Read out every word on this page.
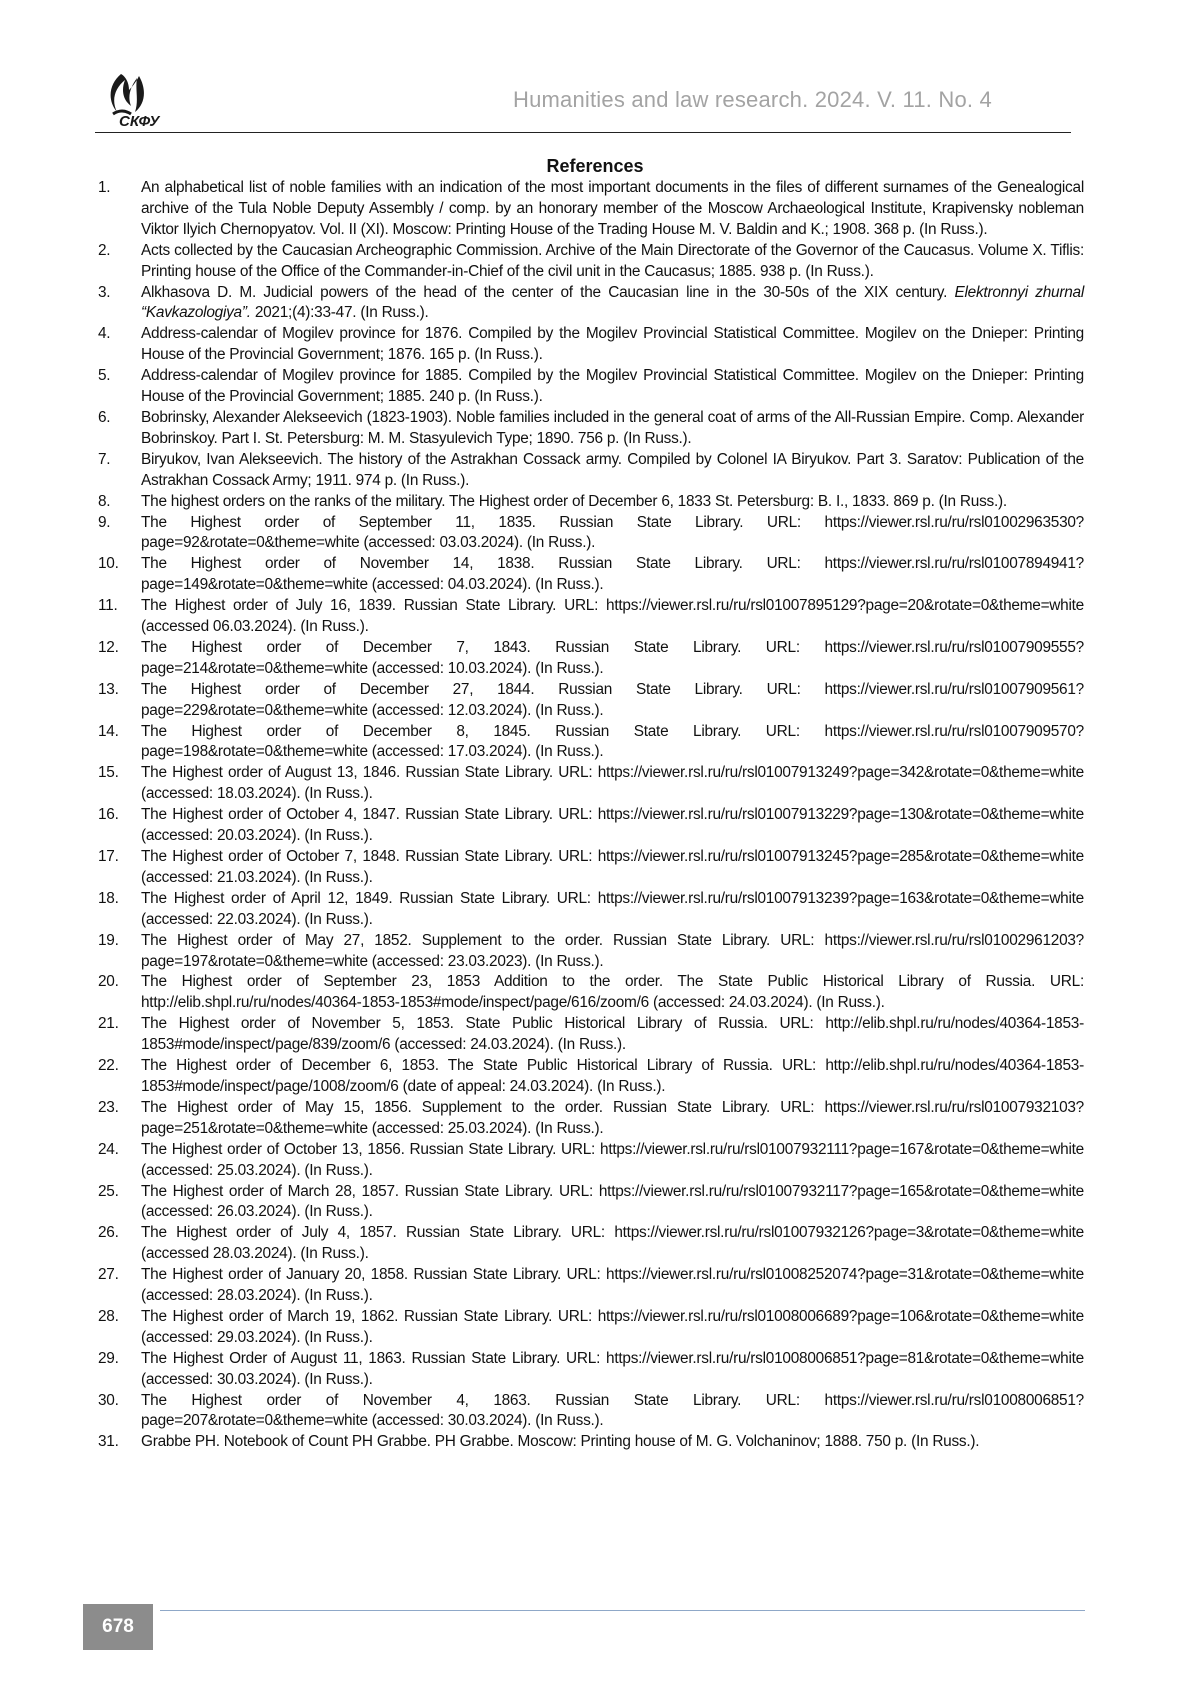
СКФУ
Humanities and law research. 2024. V. 11. No. 4
References
1.	An alphabetical list of noble families with an indication of the most important documents in the files of different surnames of the Genealogical archive of the Tula Noble Deputy Assembly / comp. by an honorary member of the Moscow Archaeological Institute, Krapivensky nobleman Viktor Ilyich Chernopyatov. Vol. II (XI). Moscow: Printing House of the Trading House M. V. Baldin and K.; 1908. 368 p. (In Russ.).
2.	Acts collected by the Caucasian Archeographic Commission. Archive of the Main Directorate of the Governor of the Caucasus. Volume X. Tiflis: Printing house of the Office of the Commander-in-Chief of the civil unit in the Caucasus; 1885. 938 p. (In Russ.).
3.	Alkhasova D. M. Judicial powers of the head of the center of the Caucasian line in the 30-50s of the XIX century. Elektronnyi zhurnal “Kavkazologiya”. 2021;(4):33-47. (In Russ.).
4.	Address-calendar of Mogilev province for 1876. Compiled by the Mogilev Provincial Statistical Committee. Mogilev on the Dnieper: Printing House of the Provincial Government; 1876. 165 p. (In Russ.).
5.	Address-calendar of Mogilev province for 1885. Compiled by the Mogilev Provincial Statistical Committee. Mogilev on the Dnieper: Printing House of the Provincial Government; 1885. 240 p. (In Russ.).
6.	Bobrinsky, Alexander Alekseevich (1823-1903). Noble families included in the general coat of arms of the All-Russian Empire. Comp. Alexander Bobrinskoy. Part I. St. Petersburg: M. M. Stasyulevich Type; 1890. 756 p. (In Russ.).
7.	Biryukov, Ivan Alekseevich. The history of the Astrakhan Cossack army. Compiled by Colonel IA Biryukov. Part 3. Saratov: Publication of the Astrakhan Cossack Army; 1911. 974 p. (In Russ.).
8.	The highest orders on the ranks of the military. The Highest order of December 6, 1833 St. Petersburg: B. I., 1833. 869 p. (In Russ.).
9.	The Highest order of September 11, 1835. Russian State Library. URL: https://viewer.rsl.ru/ru/rsl01002963530?page=92&rotate=0&theme=white (accessed: 03.03.2024). (In Russ.).
10.	The Highest order of November 14, 1838. Russian State Library. URL: https://viewer.rsl.ru/ru/rsl01007894941?page=149&rotate=0&theme=white (accessed: 04.03.2024). (In Russ.).
11.	The Highest order of July 16, 1839. Russian State Library. URL: https://viewer.rsl.ru/ru/rsl01007895129?page=20&rotate=0&theme=white (accessed 06.03.2024). (In Russ.).
12.	The Highest order of December 7, 1843. Russian State Library. URL: https://viewer.rsl.ru/ru/rsl01007909555?page=214&rotate=0&theme=white (accessed: 10.03.2024). (In Russ.).
13.	The Highest order of December 27, 1844. Russian State Library. URL: https://viewer.rsl.ru/ru/rsl01007909561?page=229&rotate=0&theme=white (accessed: 12.03.2024). (In Russ.).
14.	The Highest order of December 8, 1845. Russian State Library. URL: https://viewer.rsl.ru/ru/rsl01007909570?page=198&rotate=0&theme=white (accessed: 17.03.2024). (In Russ.).
15.	The Highest order of August 13, 1846. Russian State Library. URL: https://viewer.rsl.ru/ru/rsl01007913249?page=342&rotate=0&theme=white (accessed: 18.03.2024). (In Russ.).
16.	The Highest order of October 4, 1847. Russian State Library. URL: https://viewer.rsl.ru/ru/rsl01007913229?page=130&rotate=0&theme=white (accessed: 20.03.2024). (In Russ.).
17.	The Highest order of October 7, 1848. Russian State Library. URL: https://viewer.rsl.ru/ru/rsl01007913245?page=285&rotate=0&theme=white (accessed: 21.03.2024). (In Russ.).
18.	The Highest order of April 12, 1849. Russian State Library. URL: https://viewer.rsl.ru/ru/rsl01007913239?page=163&rotate=0&theme=white (accessed: 22.03.2024). (In Russ.).
19.	The Highest order of May 27, 1852. Supplement to the order. Russian State Library. URL: https://viewer.rsl.ru/ru/rsl01002961203?page=197&rotate=0&theme=white (accessed: 23.03.2023). (In Russ.).
20.	The Highest order of September 23, 1853 Addition to the order. The State Public Historical Library of Russia. URL: http://elib.shpl.ru/ru/nodes/40364-1853-1853#mode/inspect/page/616/zoom/6 (accessed: 24.03.2024). (In Russ.).
21.	The Highest order of November 5, 1853. State Public Historical Library of Russia. URL: http://elib.shpl.ru/ru/nodes/40364-1853-1853#mode/inspect/page/839/zoom/6 (accessed: 24.03.2024). (In Russ.).
22.	The Highest order of December 6, 1853. The State Public Historical Library of Russia. URL: http://elib.shpl.ru/ru/nodes/40364-1853-1853#mode/inspect/page/1008/zoom/6 (date of appeal: 24.03.2024). (In Russ.).
23.	The Highest order of May 15, 1856. Supplement to the order. Russian State Library. URL: https://viewer.rsl.ru/ru/rsl01007932103?page=251&rotate=0&theme=white (accessed: 25.03.2024). (In Russ.).
24.	The Highest order of October 13, 1856. Russian State Library. URL: https://viewer.rsl.ru/ru/rsl01007932111?page=167&rotate=0&theme=white (accessed: 25.03.2024). (In Russ.).
25.	The Highest order of March 28, 1857. Russian State Library. URL: https://viewer.rsl.ru/ru/rsl01007932117?page=165&rotate=0&theme=white (accessed: 26.03.2024). (In Russ.).
26.	The Highest order of July 4, 1857. Russian State Library. URL: https://viewer.rsl.ru/ru/rsl01007932126?page=3&rotate=0&theme=white (accessed 28.03.2024). (In Russ.).
27.	The Highest order of January 20, 1858. Russian State Library. URL: https://viewer.rsl.ru/ru/rsl01008252074?page=31&rotate=0&theme=white (accessed: 28.03.2024). (In Russ.).
28.	The Highest order of March 19, 1862. Russian State Library. URL: https://viewer.rsl.ru/ru/rsl01008006689?page=106&rotate=0&theme=white (accessed: 29.03.2024). (In Russ.).
29.	The Highest Order of August 11, 1863. Russian State Library. URL: https://viewer.rsl.ru/ru/rsl01008006851?page=81&rotate=0&theme=white (accessed: 30.03.2024). (In Russ.).
30.	The Highest order of November 4, 1863. Russian State Library. URL: https://viewer.rsl.ru/ru/rsl01008006851?page=207&rotate=0&theme=white (accessed: 30.03.2024). (In Russ.).
31.	Grabbe PH. Notebook of Count PH Grabbe. PH Grabbe. Moscow: Printing house of M. G. Volchaninov; 1888. 750 p. (In Russ.).
678
